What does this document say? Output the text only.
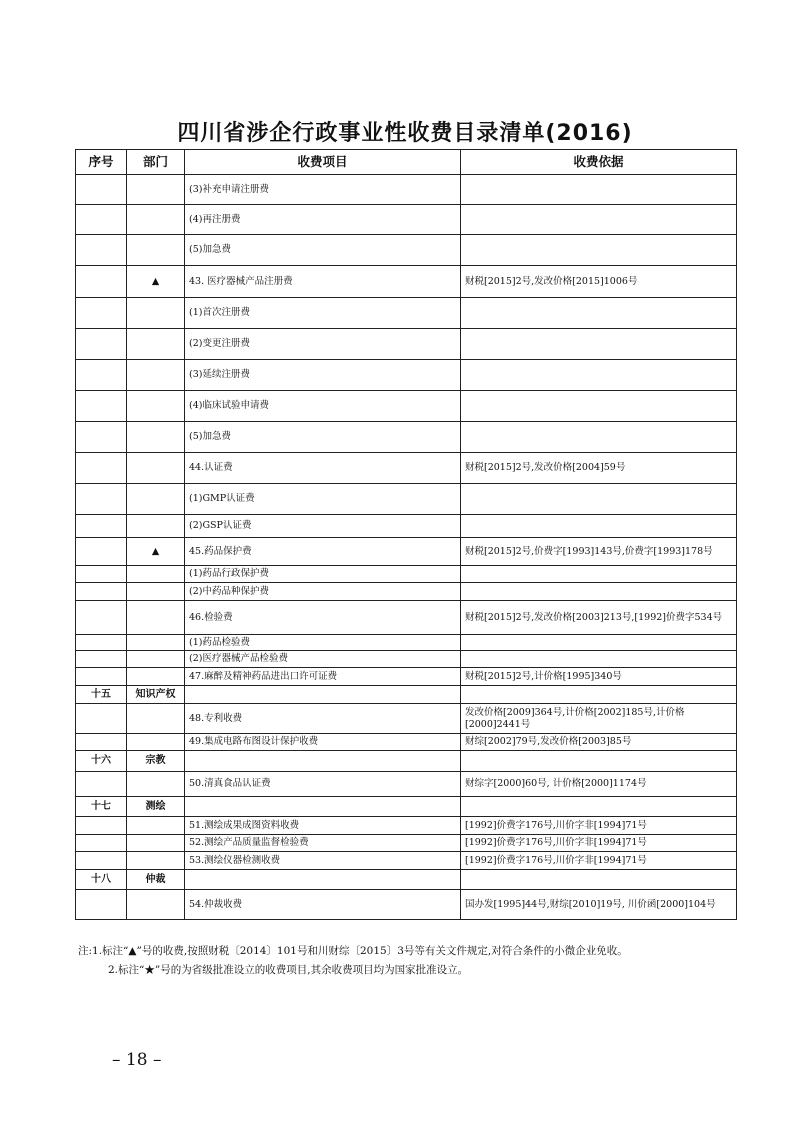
四川省涉企行政事业性收费目录清单(2016)
序号	部门	收费项目	收费依据
		(3)补充申请注册费	
		(4)再注册费	
		(5)加急费	
	▲	43. 医疗器械产品注册费	财税[2015]2号,发改价格[2015]1006号
		(1)首次注册费	
		(2)变更注册费	
		(3)延续注册费	
		(4)临床试验申请费	
		(5)加急费	
		44.认证费	财税[2015]2号,发改价格[2004]59号
		(1)GMP认证费	
		(2)GSP认证费	
	▲	45.药品保护费	财税[2015]2号,价费字[1993]143号,价费字[1993]178号
		(1)药品行政保护费	
		(2)中药品种保护费	
		46.检验费	财税[2015]2号,发改价格[2003]213号,[1992]价费字534号
		(1)药品检验费	
		(2)医疗器械产品检验费	
		47.麻醉及精神药品进出口许可证费	财税[2015]2号,计价格[1995]340号
十五	知识产权		
		48.专利收费	发改价格[2009]364号,计价格[2002]185号,计价格[2000]2441号
		49.集成电路布图设计保护收费	财综[2002]79号,发改价格[2003]85号
十六	宗教		
		50.清真食品认证费	财综字[2000]60号, 计价格[2000]1174号
十七	测绘		
		51.测绘成果成图资料收费	[1992]价费字176号,川价字非[1994]71号
		52.测绘产品质量监督检验费	[1992]价费字176号,川价字非[1994]71号
		53.测绘仪器检测收费	[1992]价费字176号,川价字非[1994]71号
十八	仲裁		
		54.仲裁收费	国办发[1995]44号,财综[2010]19号, 川价函[2000]104号

注:1.标注“▲”号的收费,按照财税〔2014〕101号和川财综〔2015〕3号等有关文件规定,对符合条件的小微企业免收。

2.标注“★”号的为省级批准设立的收费项目,其余收费项目均为国家批准设立。

– 18 –
